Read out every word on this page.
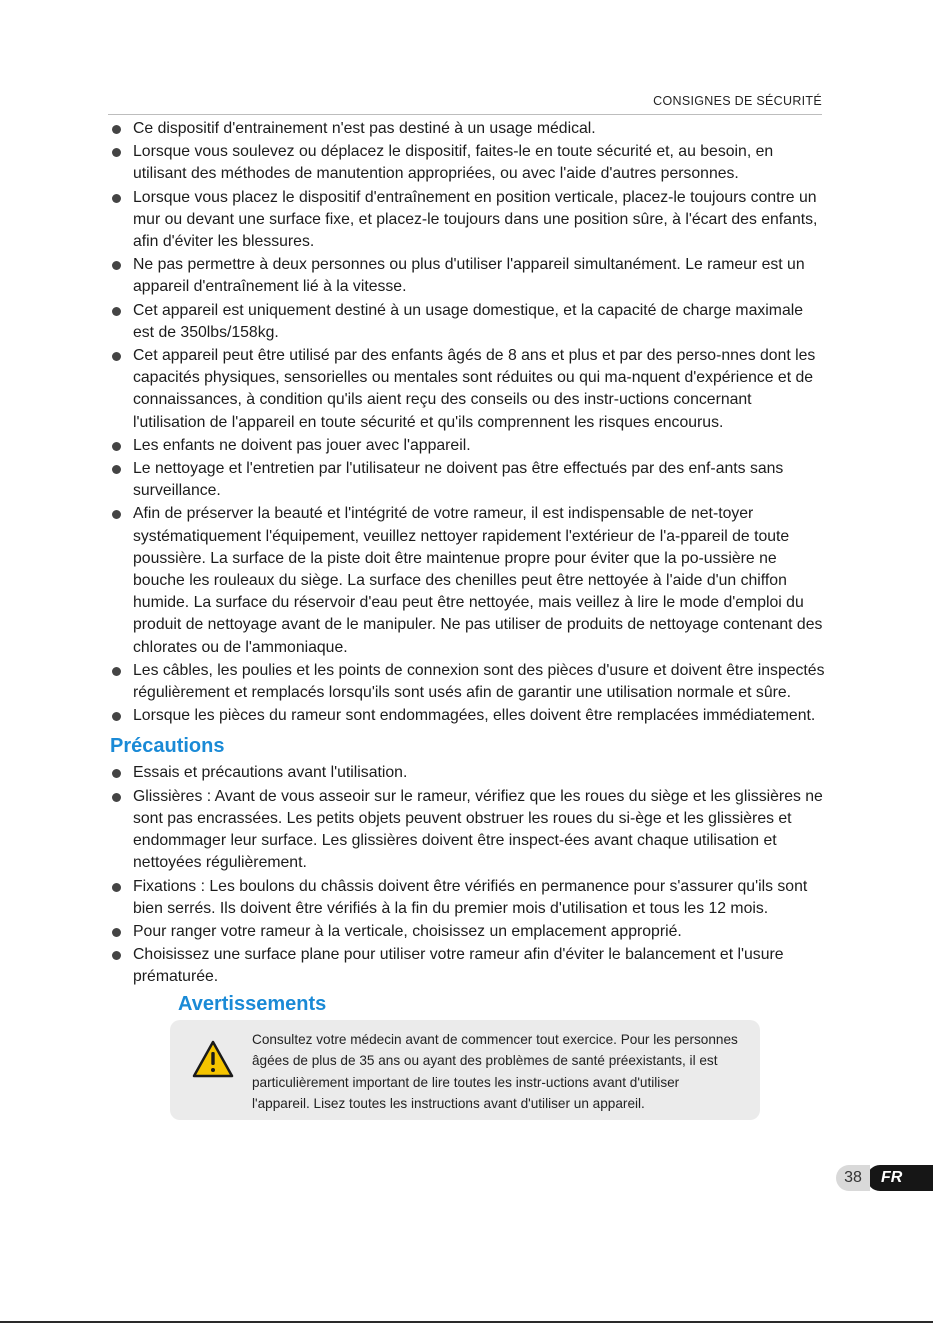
CONSIGNES DE SÉCURITÉ
Ce dispositif d'entrainement n'est pas destiné à un usage médical.
Lorsque vous soulevez ou déplacez le dispositif, faites-le en toute sécurité et, au besoin, en utilisant des méthodes de manutention appropriées, ou avec l'aide d'autres personnes.
Lorsque vous placez le dispositif d'entraînement en position verticale, placez-le toujours contre un mur ou devant une surface fixe, et placez-le toujours dans une position sûre, à l'écart des enfants, afin d'éviter les blessures.
Ne pas permettre à deux personnes ou plus d'utiliser l'appareil simultanément. Le rameur est un appareil d'entraînement lié à la vitesse.
Cet appareil est uniquement destiné à un usage domestique, et la capacité de charge maximale est de 350lbs/158kg.
Cet appareil peut être utilisé par des enfants âgés de 8 ans et plus et par des perso-nnes dont les capacités physiques, sensorielles ou mentales sont réduites ou qui ma-nquent d'expérience et de connaissances, à condition qu'ils aient reçu des conseils ou des instr-uctions concernant l'utilisation de l'appareil en toute sécurité et qu'ils comprennent les risques encourus.
Les enfants ne doivent pas jouer avec l'appareil.
Le nettoyage et l'entretien par l'utilisateur ne doivent pas être effectués par des enf-ants sans surveillance.
Afin de préserver la beauté et l'intégrité de votre rameur, il est indispensable de net-toyer systématiquement l'équipement, veuillez nettoyer rapidement l'extérieur de l'a-ppareil de toute poussière. La surface de la piste doit être maintenue propre pour éviter que la po-ussière ne bouche les rouleaux du siège. La surface des chenilles peut être nettoyée à l'aide d'un chiffon humide. La surface du réservoir d'eau peut être nettoyée, mais veillez à lire le mode d'emploi du produit de nettoyage avant de le manipuler. Ne pas utiliser de produits de nettoyage contenant des chlorates ou de l'ammoniaque.
Les câbles, les poulies et les points de connexion sont des pièces d'usure et doivent être inspectés régulièrement et remplacés lorsqu'ils sont usés afin de garantir une utilisation normale et sûre.
Lorsque les pièces du rameur sont endommagées, elles doivent être remplacées immédiatement.
Précautions
Essais et précautions avant l'utilisation.
Glissières : Avant de vous asseoir sur le rameur, vérifiez que les roues du siège et les glissières ne sont pas encrassées. Les petits objets peuvent obstruer les roues du si-ège et les glissières et endommager leur surface. Les glissières doivent être inspect-ées avant chaque utilisation et nettoyées régulièrement.
Fixations : Les boulons du châssis doivent être vérifiés en permanence pour s'assurer qu'ils sont bien serrés. Ils doivent être vérifiés à la fin du premier mois d'utilisation et tous les 12 mois.
Pour ranger votre rameur à la verticale, choisissez un emplacement approprié.
Choisissez une surface plane pour utiliser votre rameur afin d'éviter le balancement et l'usure prématurée.
Avertissements
Consultez votre médecin avant de commencer tout exercice. Pour les personnes âgées de plus de 35 ans ou ayant des problèmes de santé préexistants, il est particulièrement important de lire toutes les instr-uctions avant d'utiliser l'appareil. Lisez toutes les instructions avant d'utiliser un appareil.
FR
38
